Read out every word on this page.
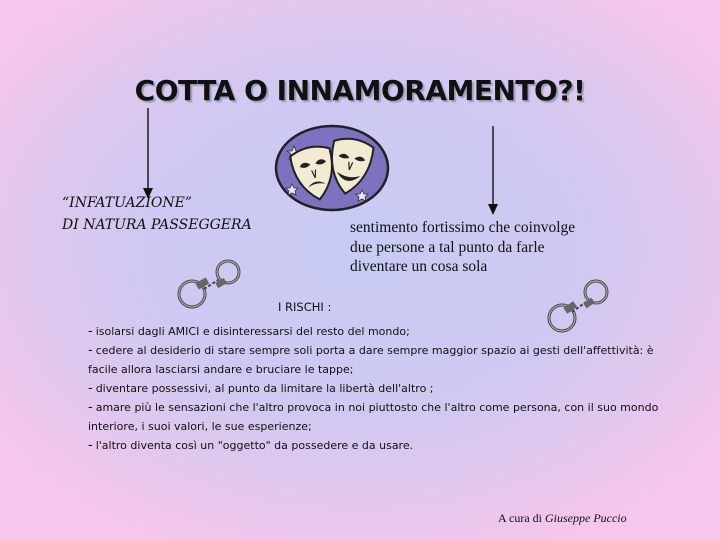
COTTA O INNAMORAMENTO?!
“INFATUAZIONE”
DI NATURA PASSEGGERA	sentimento fortissimo che coinvolge
due persone a tal punto da farle
diventare un cosa sola
I RISCHI :

- isolarsi dagli AMICI e disinteressarsi del resto del mondo;

- cedere al desiderio di stare sempre soli porta a dare sempre maggior spazio ai gesti dell'affettività: è facile allora lasciarsi andare e bruciare le tappe;

- diventare possessivi, al punto da limitare la libertà dell'altro ;

- amare più le sensazioni che l'altro provoca in noi piuttosto che l'altro come persona, con il suo mondo interiore, i suoi valori, le sue esperienze;

- l'altro diventa così un "oggetto" da possedere e da usare.

A cura di Giuseppe Puccio
